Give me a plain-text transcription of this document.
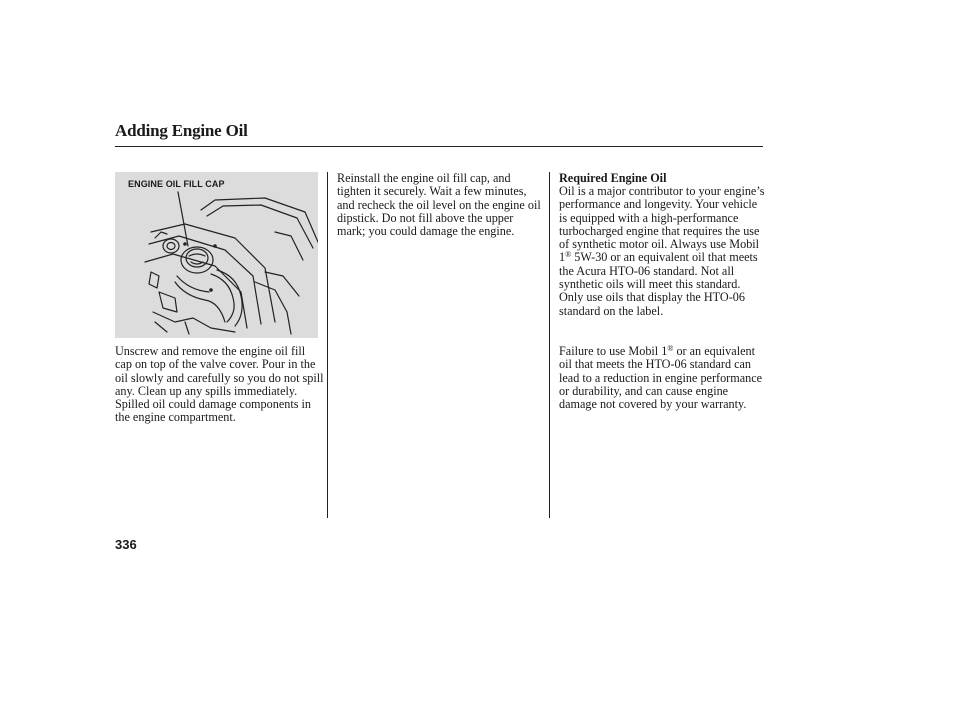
Adding Engine Oil
ENGINE OIL FILL CAP

Unscrew and remove the engine oil fill cap on top of the valve cover. Pour in the oil slowly and carefully so you do not spill any. Clean up any spills immediately. Spilled oil could damage components in the engine compartment.

Reinstall the engine oil fill cap, and tighten it securely. Wait a few minutes, and recheck the oil level on the engine oil dipstick. Do not fill above the upper mark; you could damage the engine.

Required Engine Oil

Oil is a major contributor to your engine’s performance and longevity. Your vehicle is equipped with a high-performance turbocharged engine that requires the use of synthetic motor oil. Always use Mobil 1® 5W-30 or an equivalent oil that meets the Acura HTO-06 standard. Not all synthetic oils will meet this standard. Only use oils that display the HTO-06 standard on the label.

Failure to use Mobil 1® or an equivalent oil that meets the HTO-06 standard can lead to a reduction in engine performance or durability, and can cause engine damage not covered by your warranty.

336
